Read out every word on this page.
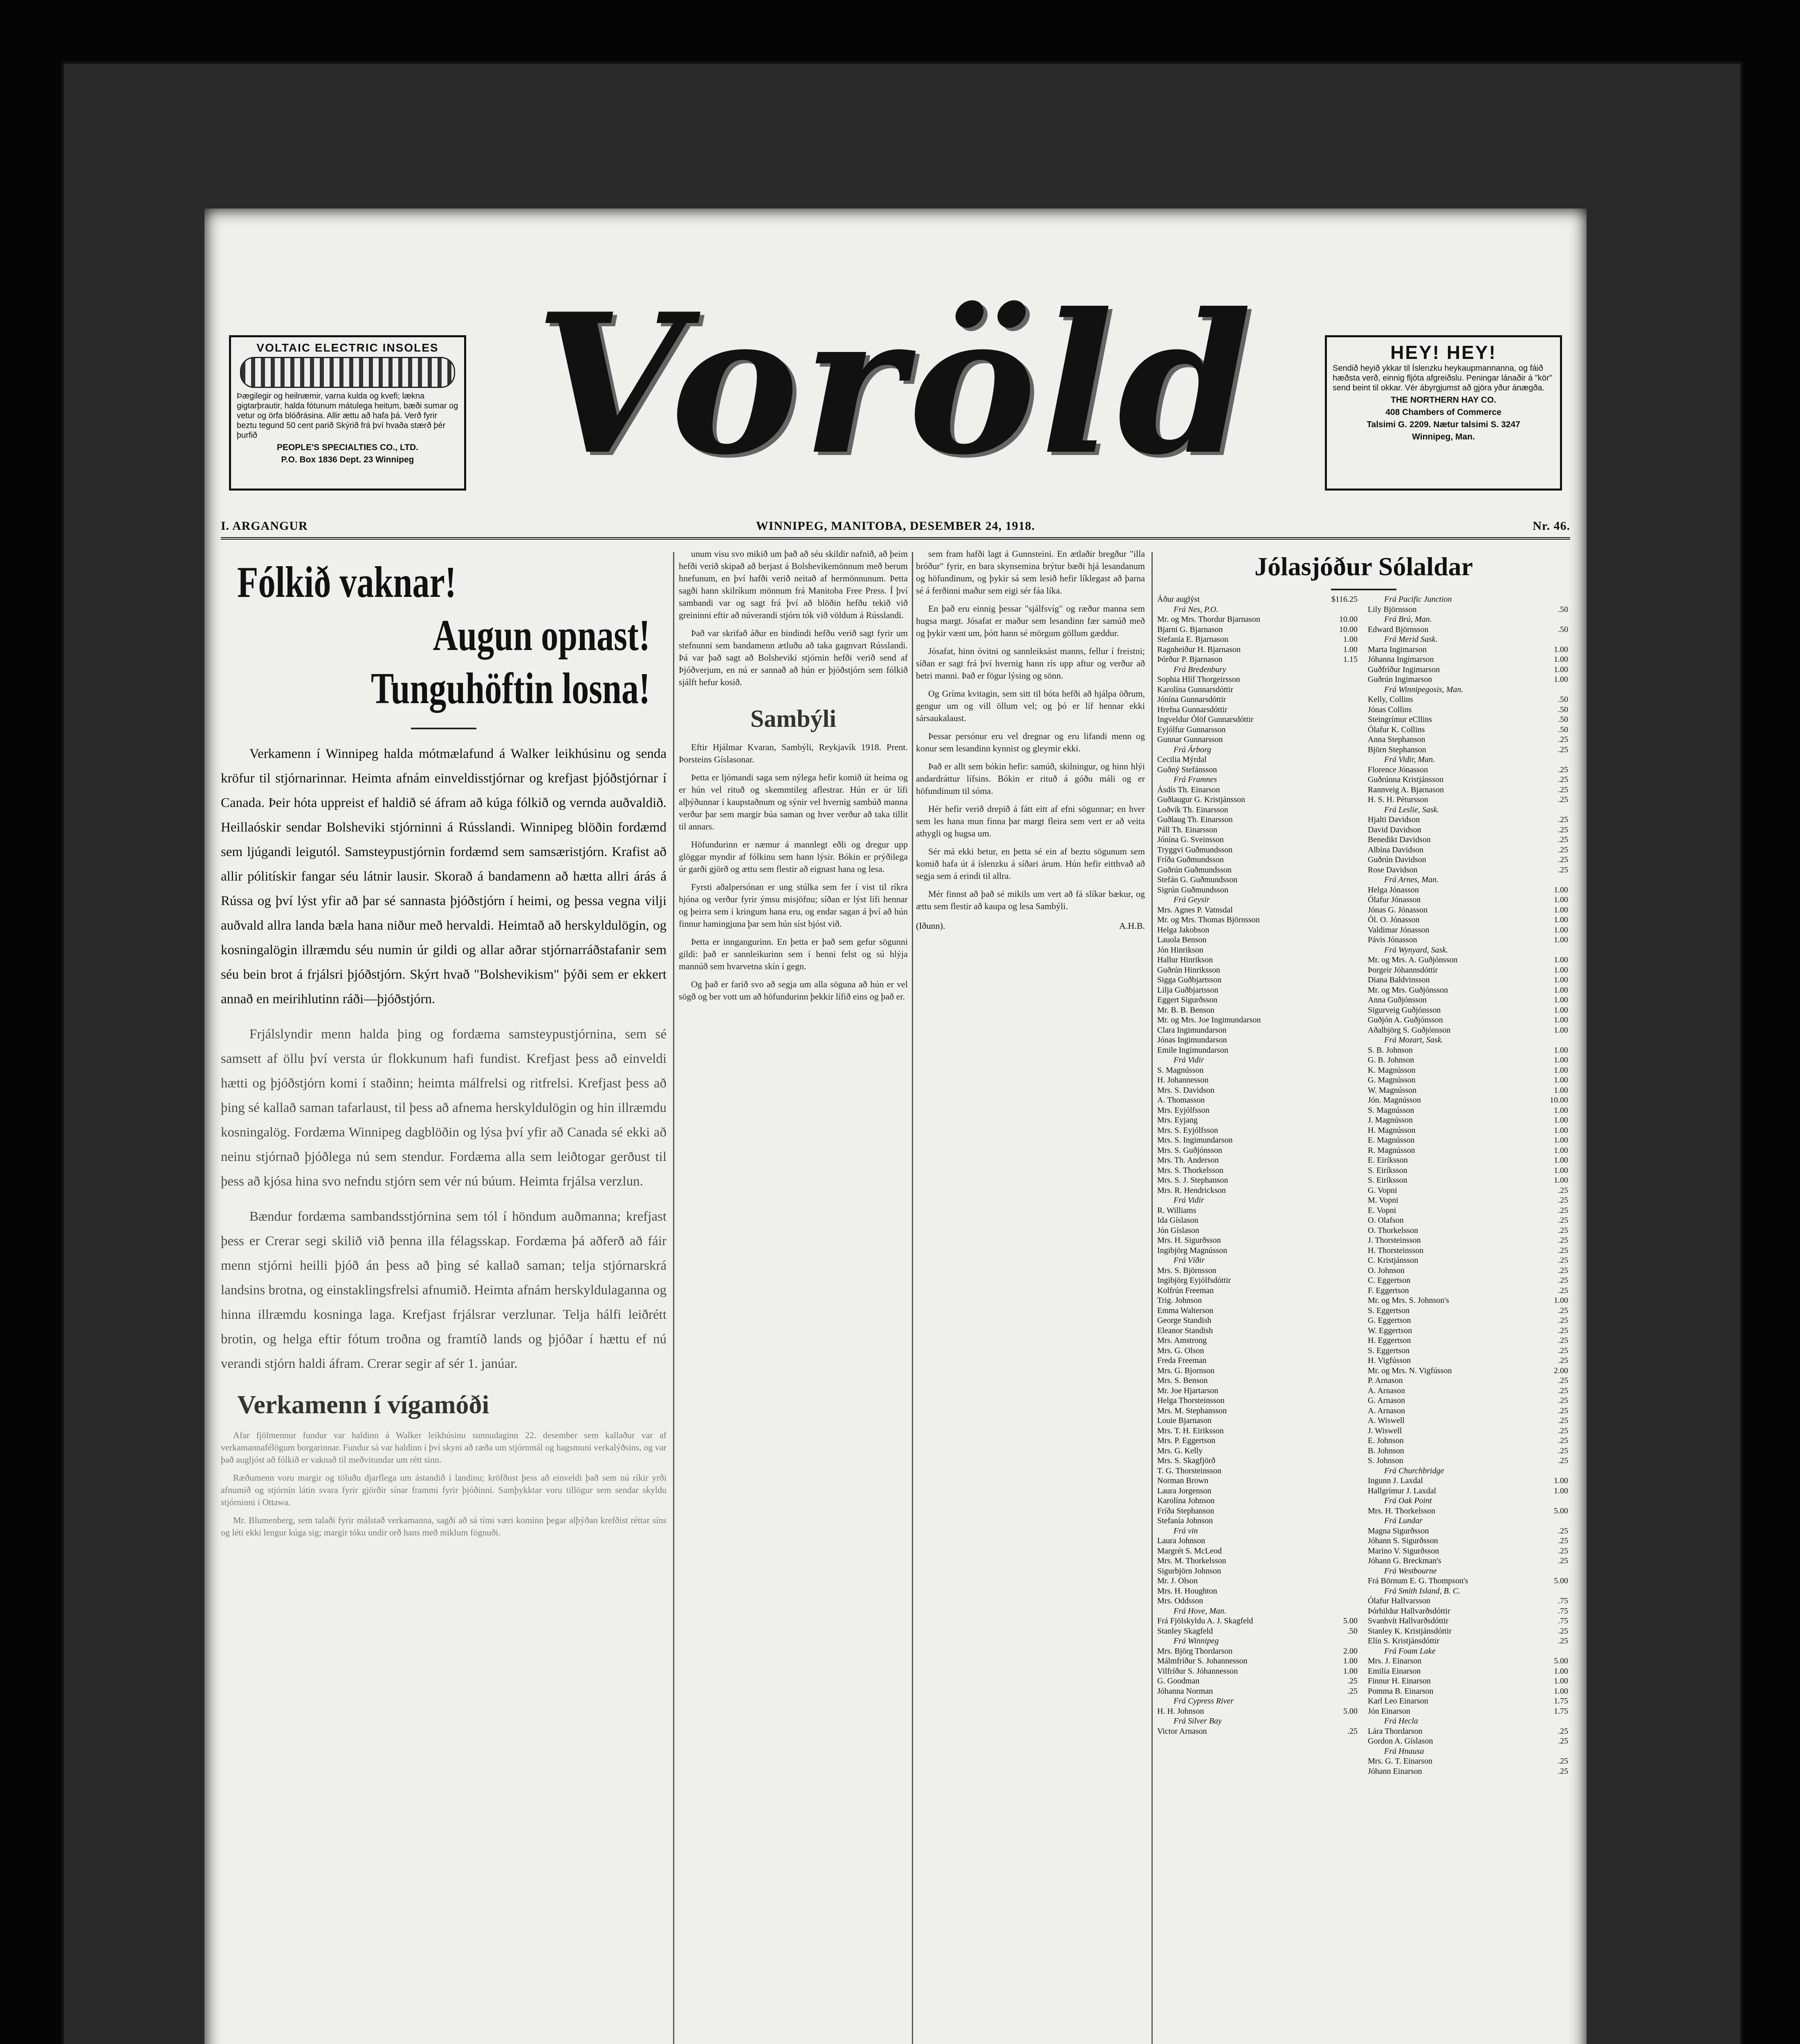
VOLTAIC ELECTRIC INSOLES
Þægilegir og heilnæmir, varna kulda og kvefi; lækna gigtarþrautir, halda fótunum mátulega heitum, bæði sumar og vetur og örfa blóðrásina. Allir ættu að hafa þá. Verð fyrir beztu tegund 50 cent parið Skýrið frá því hvaða stærð þér þurfið
PEOPLE'S SPECIALTIES CO., LTD.
P.O. Box 1836 Dept. 23 Winnipeg Voröld	HEY! HEY!
Sendið heyið ykkar til Íslenzku heykaupmannanna, og fáið hæðsta verð, einnig fljóta afgreiðslu. Peningar lánaðir á "kör" send beint til okkar. Vér ábyrgjumst að gjöra yður ánægða.
THE NORTHERN HAY CO.
408 Chambers of Commerce
Talsimi G. 2209. Nætur talsimi S. 3247
Winnipeg, Man.
I. ARGANGUR	WINNIPEG, MANITOBA, DESEMBER 24, 1918.	Nr. 46.
Fólkið vaknar!
Augun opnast!
Tunguhöftin losna!

Verkamenn í Winnipeg halda mótmælafund á Walker leikhúsinu og senda kröfur til stjórnarinnar. Heimta afnám einveldisstjórnar og krefjast þjóðstjórnar í Canada. Þeir hóta uppreist ef haldið sé áfram að kúga fólkið og vernda auðvaldið. Heillaóskir sendar Bolsheviki stjórninni á Rússlandi. Winnipeg blöðin fordæmd sem ljúgandi leigutól. Samsteypustjórnin fordæmd sem samsæristjórn. Krafist að allir pólitískir fangar séu látnir lausir. Skorað á bandamenn að hætta allri árás á Rússa og því lýst yfir að þar sé sannasta þjóðstjórn í heimi, og þessa vegna vilji auðvald allra landa bæla hana niður með hervaldi. Heimtað að herskyldulögin, og kosningalögin illræmdu séu numin úr gildi og allar aðrar stjórnarráðstafanir sem séu bein brot á frjálsri þjóðstjórn. Skýrt hvað "Bolshevikism" þýði sem er ekkert annað en meirihlutinn ráði—þjóðstjórn.

Frjálslyndir menn halda þing og fordæma samsteypustjórnina, sem sé samsett af öllu því versta úr flokkunum hafi fundist. Krefjast þess að einveldi hætti og þjóðstjórn komi í staðinn; heimta málfrelsi og ritfrelsi. Krefjast þess að þing sé kallað saman tafarlaust, til þess að afnema herskyldulögin og hin illræmdu kosningalög. Fordæma Winnipeg dagblöðin og lýsa því yfir að Canada sé ekki að neinu stjórnað þjóðlega nú sem stendur. Fordæma alla sem leiðtogar gerðust til þess að kjósa hina svo nefndu stjórn sem vér nú búum. Heimta frjálsa verzlun.

Bændur fordæma sambandsstjórnina sem tól í höndum auðmanna; krefjast þess er Crerar segi skilið við þenna illa félagsskap. Fordæma þá aðferð að fáir menn stjórni heilli þjóð án þess að þing sé kallað saman; telja stjórnarskrá landsins brotna, og einstaklingsfrelsi afnumið. Heimta afnám herskyldulaganna og hinna illræmdu kosninga laga. Krefjast frjálsrar verzlunar. Telja hálfi leiðrétt brotin, og helga eftir fótum troðna og framtíð lands og þjóðar í hættu ef nú verandi stjórn haldi áfram. Crerar segir af sér 1. janúar.

Verkamenn í vígamóði

Afar fjölmennur fundur var haldinn á Walker leikhúsinu sunnudaginn 22. desember sem kallaður var af verkamannafélögum borgarinnar. Fundur sá var haldinn í því skyni að ræða um stjórnmál og hagsmuni verkalýðsins, og var það augljóst að fólkið er vaknað til meðvitundar um rétt sinn.

Ræðumenn voru margir og töluðu djarflega um ástandið í landinu; kröfðust þess að einveldi það sem nú ríkir yrði afnumið og stjórnin látin svara fyrir gjörðir sínar frammi fyrir þjóðinni. Samþykktar voru tillögur sem sendar skyldu stjórninni í Ottawa.

Mr. Blumenberg, sem talaði fyrir málstað verkamanna, sagði að sá tími væri kominn þegar alþýðan krefðist réttar síns og léti ekki lengur kúga sig; margir tóku undir orð hans með miklum fögnuði.

unum visu svo mikið um það að séu skildir nafnið, að þeim hefði verið skipað að berjast á Bolshevikemönnum með berum hnefunum, en því hafði verið neitað af hermönnunum. Þetta sagði hann skilríkum mönnum frá Manitoba Free Press. Í því sambandi var og sagt frá því að blöðin hefðu tekið við greininni eftir að núverandi stjórn tók við völdum á Rússlandi.

Það var skrifað áður en bindindi hefðu verið sagt fyrir um stefnunni sem bandamenn ætluðu að taka gagnvart Rússlandi. Þá var það sagt að Bolsheviki stjórnin hefði verið send af Þjóðverjum, en nú er sannað að hún er þjóðstjórn sem fólkið sjálft hefur kosið.

Sambýli

Eftir Hjálmar Kvaran, Sambýli, Reykjavík 1918. Prent. Þorsteins Gíslasonar.

Þetta er ljómandi saga sem nýlega hefir komið út heima og er hún vel rituð og skemmtileg aflestrar. Hún er úr lífi alþýðunnar í kaupstaðnum og sýnir vel hvernig sambúð manna verður þar sem margir búa saman og hver verður að taka tillit til annars.

Höfundurinn er næmur á mannlegt eðli og dregur upp glöggar myndir af fólkinu sem hann lýsir. Bókin er prýðilega úr garði gjörð og ættu sem flestir að eignast hana og lesa.

Fyrsti aðalpersónan er ung stúlka sem fer í vist til ríkra hjóna og verður fyrir ýmsu misjöfnu; síðan er lýst lífi hennar og þeirra sem í kringum hana eru, og endar sagan á því að hún finnur hamingjuna þar sem hún síst bjóst við.

Þetta er inngangurinn. En þetta er það sem gefur sögunni gildi: það er sannleikurinn sem í henni felst og sú hlýja mannúð sem hvarvetna skín í gegn.

Og það er farið svo að segja um alla söguna að hún er vel sögð og ber vott um að höfundurinn þekkir lífið eins og það er.

sem fram hafði lagt á Gunnsteini. En ætlaðir bregður "illa bróður" fyrir, en bara skynsemina brýtur bæði hjá lesandanum og höfundinum, og þykir sá sem lesið hefir líklegast að þarna sé á ferðinni maður sem eigi sér fáa líka.

En það eru einnig þessar "sjálfsvíg" og ræður manna sem hugsa margt. Jósafat er maður sem lesandinn fær samúð með og þykir vænt um, þótt hann sé mörgum göllum gæddur.

Jósafat, hinn óvitni og sannleiksást manns, fellur í freistni; síðan er sagt frá því hvernig hann rís upp aftur og verður að betri manni. Það er fögur lýsing og sönn.

Og Gríma kvitagin, sem sitt til bóta hefði að hjálpa öðrum, gengur um og vill öllum vel; og þó er líf hennar ekki sársaukalaust.

Þessar persónur eru vel dregnar og eru lifandi menn og konur sem lesandinn kynnist og gleymir ekki.

Það er allt sem bókin hefir: samúð, skilningur, og hinn hlýi andardráttur lífsins. Bókin er rituð á góðu máli og er höfundinum til sóma.

Hér hefir verið drepið á fátt eitt af efni sögunnar; en hver sem les hana mun finna þar margt fleira sem vert er að veita athygli og hugsa um.

Sér má ekki betur, en þetta sé ein af beztu sögunum sem komið hafa út á íslenzku á síðari árum. Hún hefir eitthvað að segja sem á erindi til allra.

Mér finnst að það sé mikils um vert að fá slíkar bækur, og ættu sem flestir að kaupa og lesa Sambýli.

(Iðunn).	A.H.B.
Jólasjóður Sólaldar
Áður auglýst	$116.25
Frá Nes, P.O.
Mr. og Mrs. Thordur Bjarnason	10.00
Bjarni G. Bjarnason	10.00
Stefanía E. Bjarnason	1.00
Ragnheiður H. Bjarnason	1.00
Þórður P. Bjarnason	1.15
Frá Bredenbury
Sophia Hlíf Thorgeirsson
Karolína Gunnarsdóttir
Jónína Gunnarsdóttir
Hrefna Gunnarsdóttir
Ingveldur Ólöf Gunnarsdóttir
Eyjólfur Gunnarsson
Gunnar Gunnarsson
Frá Árborg
Cecilia Mýrdal
Guðný Stefánsson
Frá Framnes
Ásdís Th. Einarson
Guðlaugur G. Kristjánsson
Loðvík Th. Einarsson
Guðlaug Th. Einarsson
Páll Th. Einarsson
Jónína G. Sveinsson
Tryggvi Guðmundsson
Fríða Guðmundsson
Guðrún Guðmundsson
Stefán G. Guðmundsson
Sigrún Guðmundsson
Frá Geysir
Mrs. Agnes P. Vatnsdal
Mr. og Mrs. Thomas Björnsson
Helga Jakobson
Lauola Benson
Jón Hinrikson
Hallur Hinrikson
Guðrún Hinriksson
Sigga Guðbjartsson
Lilja Guðbjartsson
Eggert Sigurðsson
Mr. B. B. Benson
Mr. og Mrs. Joe Ingimundarson
Clara Ingimundarson
Jónas Ingimundarson
Emile Ingimundarson
Frá Vidir
S. Magnússon
H. Johannesson
Mrs. S. Davidson
A. Thomasson
Mrs. Eyjólfsson
Mrs. Eyjang
Mrs. S. Eyjólfsson
Mrs. S. Ingimundarson
Mrs. S. Guðjónsson
Mrs. Th. Anderson
Mrs. S. Thorkelsson
Mrs. S. J. Stephanson
Mrs. R. Hendrickson
Frá Vidir
R. Williams
Ida Gíslason
Jón Gíslason
Mrs. H. Sigurðsson
Ingibjörg Magnússon
Frá Víðir
Mrs. S. Björnsson
Ingibjörg Eyjólfsdóttir
Kolfrún Freeman
Trig. Johnson
Emma Walterson
George Standish
Eleanor Standish
Mrs. Amstrong
Mrs. G. Olson
Freda Freeman
Mrs. G. Bjornson
Mrs. S. Benson
Mr. Joe Hjartarson
Helga Thorsteinsson
Mrs. M. Stephansson
Louie Bjarnason
Mrs. T. H. Eiriksson
Mrs. P. Eggertson
Mrs. G. Kelly
Mrs. S. Skagfjörð
T. G. Thorsteinsson
Norman Brown
Laura Jorgenson
Karolína Johnson
Fríða Stephanson
Stefanía Johnson
Frá vin
Laura Johnson
Margrét S. McLeod
Mrs. M. Thorkelsson
Sigurbjörn Johnson
Mr. J. Olson
Mrs. H. Houghton
Mrs. Oddsson
Frá Hove, Man.
Frá Fjölskyldu A. J. Skagfeld	5.00
Stanley Skagfeld	.50
Frá Winnipeg
Mrs. Björg Thordarson	2.00
Málmfríður S. Johannesson	1.00
Vilfríður S. Jóhannesson	1.00
G. Goodman	.25
Jóhanna Norman	.25
Frá Cypress River
H. H. Johnson	5.00
Frá Silver Bay
Victor Arnason	.25
Frá Pacific Junction
Lily Björnsson	.50
Frá Brú, Man.
Edward Björnsson	.50
Frá Merid Sask.
Marta Ingimarson	1.00
Jóhanna Ingimarson	1.00
Guðfríður Ingimarson	1.00
Guðrún Ingimarson	1.00
Frá Winnipegosis, Man.
Kelly, Collins	.50
Jónas Collins	.50
Steingrímur eCllins	.50
Ólafur K. Collins	.50
Anna Stephanson	.25
Björn Stephanson	.25
Frá Vidir, Man.
Florence Jónasson	.25
Guðrúnna Kristjánsson	.25
Rannveig A. Bjarnason	.25
H. S. H. Pétursson	.25
Frá Leslie, Sask.
Hjalti Davidson	.25
David Davidson	.25
Benedikt Davidson	.25
Albína Davidson	.25
Guðrún Davidson	.25
Rose Davidson	.25
Frá Arnes, Man.
Helga Jónasson	1.00
Ólafur Jónasson	1.00
Jónas G. Jónasson	1.00
Ól. O. Jónasson	1.00
Valdimar Jónasson	1.00
Pávis Jónasson	1.00
Frá Wynyard, Sask.
Mr. og Mrs. A. Guðjónsson	1.00
Þorgeir Jóhannsdóttir	1.00
Diana Baldvinsson	1.00
Mr. og Mrs. Guðjónsson	1.00
Anna Guðjónsson	1.00
Sigurveig Guðjónsson	1.00
Guðjón A. Guðjónsson	1.00
Aðalbjörg S. Guðjónsson	1.00
Frá Mozart, Sask.
S. B. Johnson	1.00
G. B. Johnson	1.00
K. Magnússon	1.00
G. Magnússon	1.00
W. Magnússon	1.00
Jón. Magnússon	10.00
S. Magnússon	1.00
J. Magnússon	1.00
H. Magnússon	1.00
E. Magnússon	1.00
R. Magnússon	1.00
E. Eiríksson	1.00
S. Eiríksson	1.00
S. Eiríksson	1.00
G. Vopni	.25
M. Vopni	.25
E. Vopni	.25
O. Olafson	.25
O. Thorkelsson	.25
J. Thorsteinsson	.25
H. Thorsteinsson	.25
C. Kristjánsson	.25
O. Johnson	.25
C. Eggertson	.25
F. Eggertson	.25
Mr. og Mrs. S. Johnson's	1.00
S. Eggertson	.25
G. Eggertson	.25
W. Eggertson	.25
H. Eggertson	.25
S. Eggertson	.25
H. Vigfússon	.25
Mr. og Mrs. N. Vigfússon	2.00
P. Arnason	.25
A. Arnason	.25
G. Arnason	.25
A. Arnason	.25
A. Wiswell	.25
J. Wiswell	.25
E. Johnson	.25
B. Johnson	.25
S. Johnson	.25
Frá Churchbridge
Ingunn J. Laxdal	1.00
Hallgrímur J. Laxdal	1.00
Frá Oak Point
Mrs. H. Thorkelsson	5.00
Frá Lundar
Magna Sigurðsson	.25
Jóhann S. Sigurðsson	.25
Marino V. Sigurðsson	.25
Jóhann G. Breckman's	.25
Frá Westbourne
Frá Börnum E. G. Thompson's	5.00
Frá Smith Island, B. C.
Ólafur Hallvarsson	.75
Þórhildur Hallvarðsdóttir	.75
Svanhvít Hallvarðsdóttir	.75
Stanley K. Kristjánsdóttir	.25
Elín S. Kristjánsdóttir	.25
Frá Foam Lake
Mrs. J. Einarson	5.00
Emilía Einarson	1.00
Finnur H. Einarson	1.00
Pomma B. Einarson	1.00
Karl Leo Einarson	1.75
Jón Einarson	1.75
Frá Hecla
Lára Thordarson	.25
Gordon A. Gíslason	.25
Frá Hnausa
Mrs. G. T. Einarson	.25
Jóhann Einarson	.25
